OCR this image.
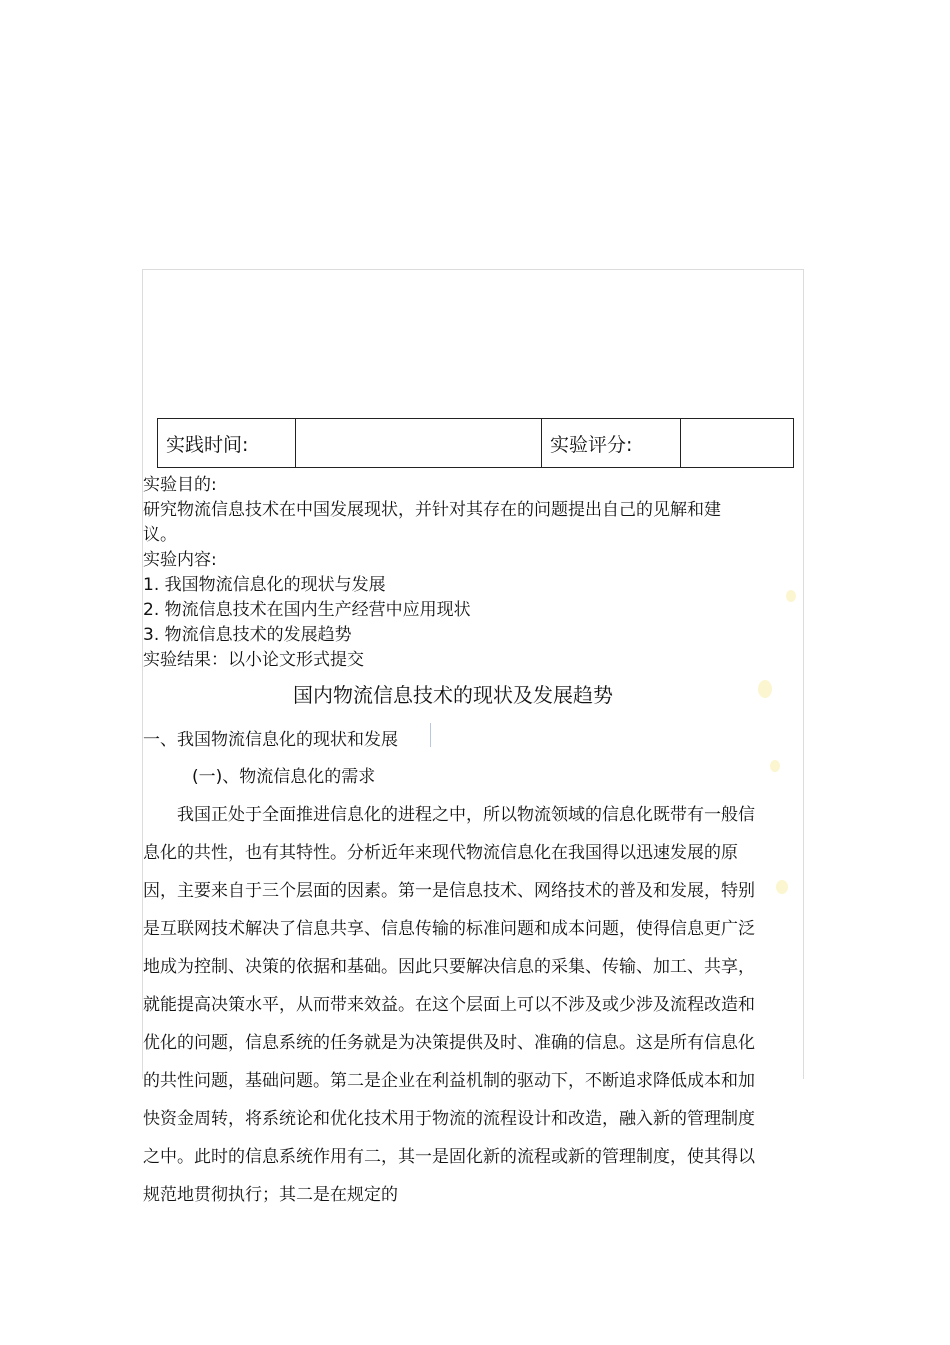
实践时间:		实验评分:	
实验目的:
研究物流信息技术在中国发展现状，并针对其存在的问题提出自己的见解和建
议。
实验内容:
1. 我国物流信息化的现状与发展
2. 物流信息技术在国内生产经营中应用现状
3. 物流信息技术的发展趋势
实验结果：以小论文形式提交
国内物流信息技术的现状及发展趋势
一、我国物流信息化的现状和发展
(一)、物流信息化的需求
我国正处于全面推进信息化的进程之中，所以物流领域的信息化既带有一般信息化的共性，也有其特性。分析近年来现代物流信息化在我国得以迅速发展的原因，主要来自于三个层面的因素。第一是信息技术、网络技术的普及和发展，特别是互联网技术解决了信息共享、信息传输的标准问题和成本问题，使得信息更广泛地成为控制、决策的依据和基础。因此只要解决信息的采集、传输、加工、共享，就能提高决策水平，从而带来效益。在这个层面上可以不涉及或少涉及流程改造和优化的问题，信息系统的任务就是为决策提供及时、准确的信息。这是所有信息化的共性问题，基础问题。第二是企业在利益机制的驱动下，不断追求降低成本和加快资金周转，将系统论和优化技术用于物流的流程设计和改造，融入新的管理制度之中。此时的信息系统作用有二，其一是固化新的流程或新的管理制度，使其得以规范地贯彻执行；其二是在规定的
